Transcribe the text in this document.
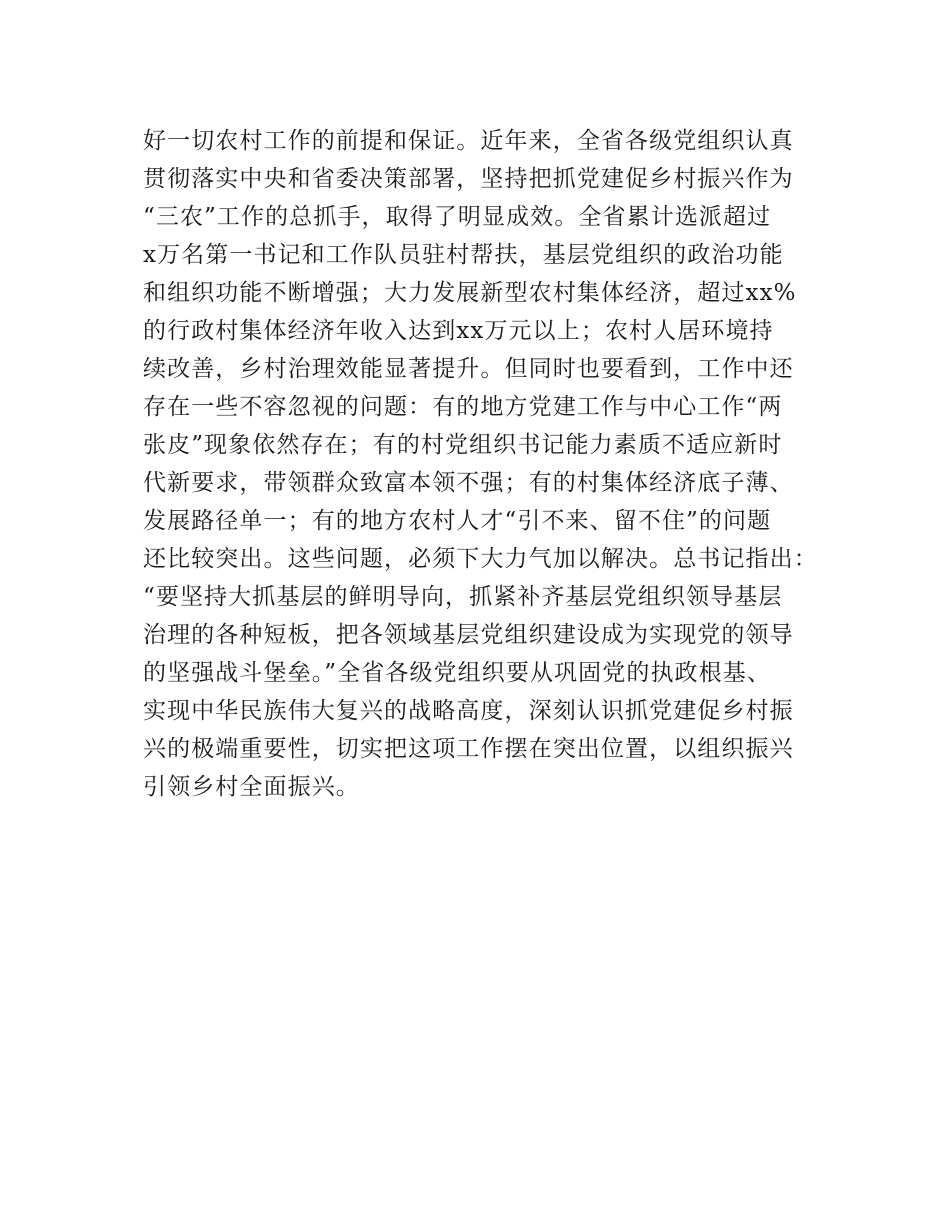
好一切农村工作的前提和保证。近年来，全省各级党组织认真
贯彻落实中央和省委决策部署，坚持把抓党建促乡村振兴作为
“三农”工作的总抓手，取得了明显成效。全省累计选派超过
x万名第一书记和工作队员驻村帮扶，基层党组织的政治功能
和组织功能不断增强；大力发展新型农村集体经济，超过xx%
的行政村集体经济年收入达到xx万元以上；农村人居环境持
续改善，乡村治理效能显著提升。但同时也要看到，工作中还
存在一些不容忽视的问题：有的地方党建工作与中心工作“两
张皮”现象依然存在；有的村党组织书记能力素质不适应新时
代新要求，带领群众致富本领不强；有的村集体经济底子薄、
发展路径单一；有的地方农村人才“引不来、留不住”的问题
还比较突出。这些问题，必须下大力气加以解决。总书记指出：
“要坚持大抓基层的鲜明导向，抓紧补齐基层党组织领导基层
治理的各种短板，把各领域基层党组织建设成为实现党的领导
的坚强战斗堡垒。”全省各级党组织要从巩固党的执政根基、
实现中华民族伟大复兴的战略高度，深刻认识抓党建促乡村振
兴的极端重要性，切实把这项工作摆在突出位置，以组织振兴
引领乡村全面振兴。
